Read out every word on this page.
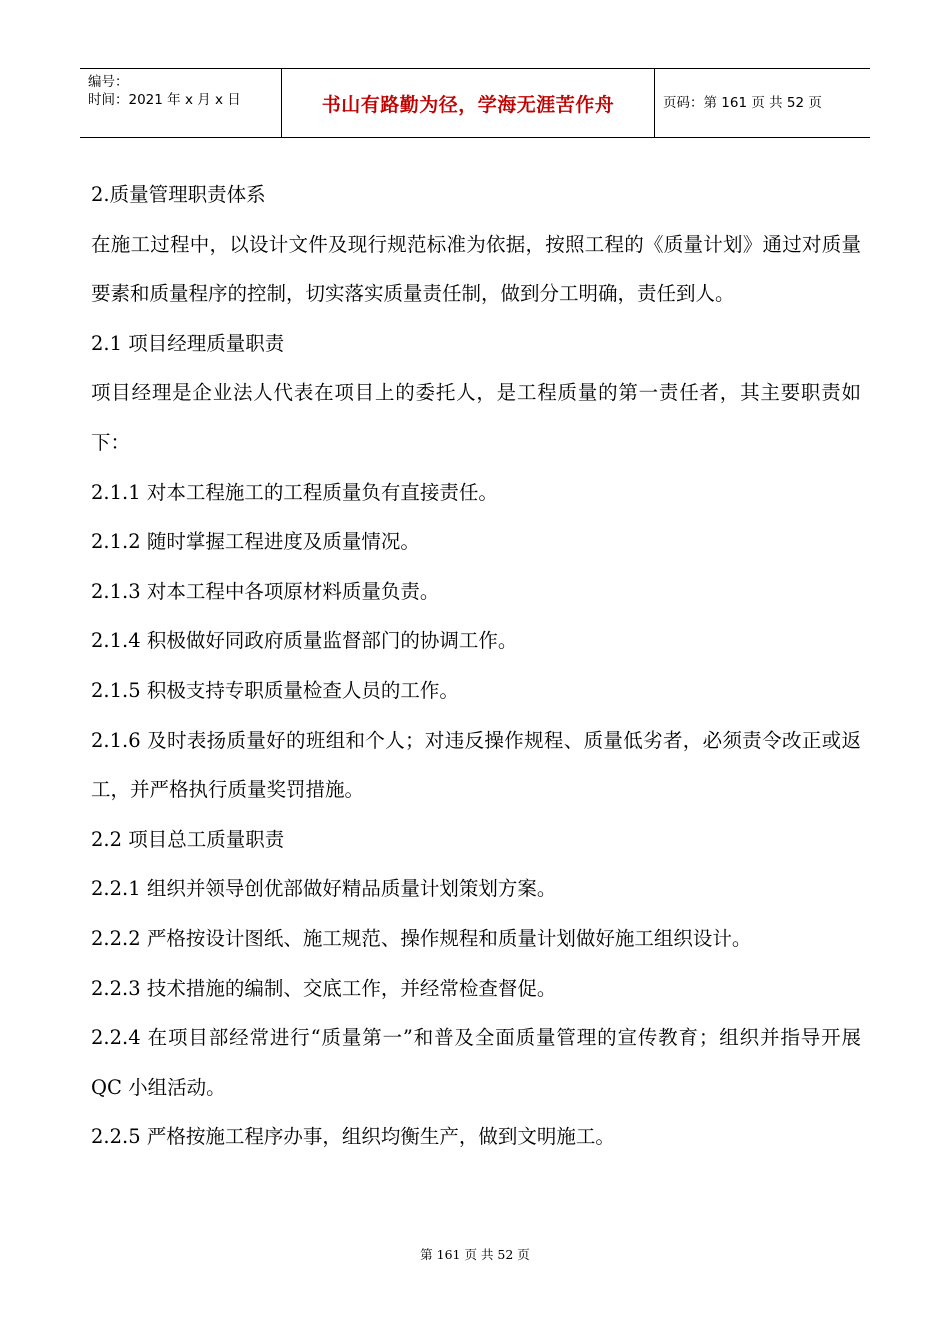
编号：
时间：2021 年 x 月 x 日	书山有路勤为径，学海无涯苦作舟	页码：第 161 页 共 52 页

2.质量管理职责体系

在施工过程中，以设计文件及现行规范标准为依据，按照工程的《质量计划》通过对质量要素和质量程序的控制，切实落实质量责任制，做到分工明确，责任到人。

2.1 项目经理质量职责

项目经理是企业法人代表在项目上的委托人，是工程质量的第一责任者，其主要职责如下：

2.1.1 对本工程施工的工程质量负有直接责任。

2.1.2 随时掌握工程进度及质量情况。

2.1.3 对本工程中各项原材料质量负责。

2.1.4 积极做好同政府质量监督部门的协调工作。

2.1.5 积极支持专职质量检查人员的工作。

2.1.6 及时表扬质量好的班组和个人；对违反操作规程、质量低劣者，必须责令改正或返工，并严格执行质量奖罚措施。

2.2 项目总工质量职责

2.2.1 组织并领导创优部做好精品质量计划策划方案。

2.2.2 严格按设计图纸、施工规范、操作规程和质量计划做好施工组织设计。

2.2.3 技术措施的编制、交底工作，并经常检查督促。

2.2.4 在项目部经常进行“质量第一”和普及全面质量管理的宣传教育；组织并指导开展 QC 小组活动。

2.2.5 严格按施工程序办事，组织均衡生产，做到文明施工。

第 161 页 共 52 页
